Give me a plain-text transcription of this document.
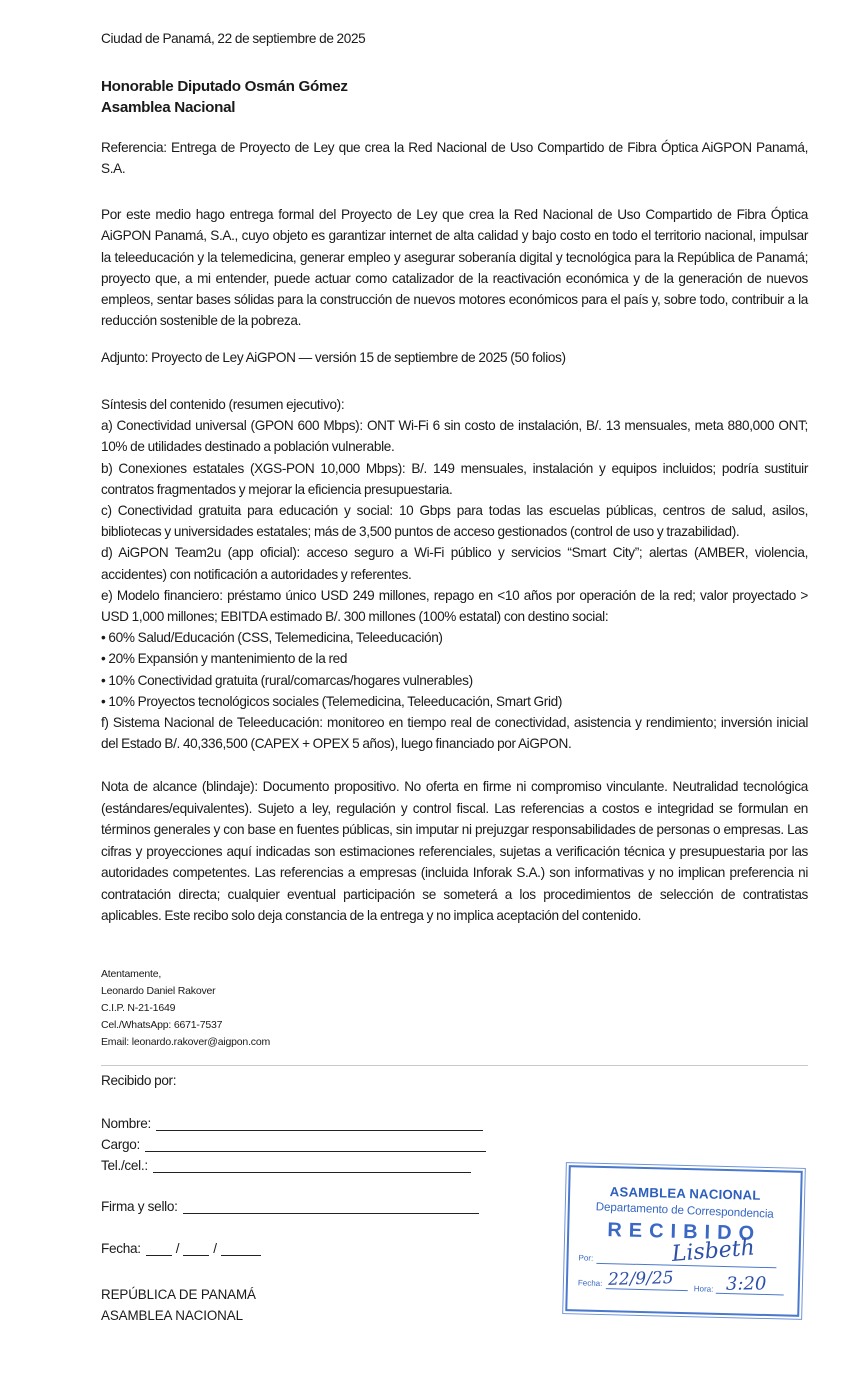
Ciudad de Panamá, 22 de septiembre de 2025
Honorable Diputado Osmán Gómez
Asamblea Nacional
Referencia: Entrega de Proyecto de Ley que crea la Red Nacional de Uso Compartido de Fibra Óptica AiGPON Panamá, S.A.
Por este medio hago entrega formal del Proyecto de Ley que crea la Red Nacional de Uso Compartido de Fibra Óptica AiGPON Panamá, S.A., cuyo objeto es garantizar internet de alta calidad y bajo costo en todo el territorio nacional, impulsar la teleeducación y la telemedicina, generar empleo y asegurar soberanía digital y tecnológica para la República de Panamá; proyecto que, a mi entender, puede actuar como catalizador de la reactivación económica y de la generación de nuevos empleos, sentar bases sólidas para la construcción de nuevos motores económicos para el país y, sobre todo, contribuir a la reducción sostenible de la pobreza.
Adjunto: Proyecto de Ley AiGPON — versión 15 de septiembre de 2025 (50 folios)
Síntesis del contenido (resumen ejecutivo):
a) Conectividad universal (GPON 600 Mbps): ONT Wi-Fi 6 sin costo de instalación, B/. 13 mensuales, meta 880,000 ONT; 10% de utilidades destinado a población vulnerable.
b) Conexiones estatales (XGS-PON 10,000 Mbps): B/. 149 mensuales, instalación y equipos incluidos; podría sustituir contratos fragmentados y mejorar la eficiencia presupuestaria.
c) Conectividad gratuita para educación y social: 10 Gbps para todas las escuelas públicas, centros de salud, asilos, bibliotecas y universidades estatales; más de 3,500 puntos de acceso gestionados (control de uso y trazabilidad).
d) AiGPON Team2u (app oficial): acceso seguro a Wi-Fi público y servicios “Smart City”; alertas (AMBER, violencia, accidentes) con notificación a autoridades y referentes.
e) Modelo financiero: préstamo único USD 249 millones, repago en <10 años por operación de la red; valor proyectado > USD 1,000 millones; EBITDA estimado B/. 300 millones (100% estatal) con destino social:
• 60% Salud/Educación (CSS, Telemedicina, Teleeducación)
• 20% Expansión y mantenimiento de la red
• 10% Conectividad gratuita (rural/comarcas/hogares vulnerables)
• 10% Proyectos tecnológicos sociales (Telemedicina, Teleeducación, Smart Grid)
f) Sistema Nacional de Teleeducación: monitoreo en tiempo real de conectividad, asistencia y rendimiento; inversión inicial del Estado B/. 40,336,500 (CAPEX + OPEX 5 años), luego financiado por AiGPON.
Nota de alcance (blindaje): Documento propositivo. No oferta en firme ni compromiso vinculante. Neutralidad tecnológica (estándares/equivalentes). Sujeto a ley, regulación y control fiscal. Las referencias a costos e integridad se formulan en términos generales y con base en fuentes públicas, sin imputar ni prejuzgar responsabilidades de personas o empresas. Las cifras y proyecciones aquí indicadas son estimaciones referenciales, sujetas a verificación técnica y presupuestaria por las autoridades competentes. Las referencias a empresas (incluida Inforak S.A.) son informativas y no implican preferencia ni contratación directa; cualquier eventual participación se someterá a los procedimientos de selección de contratistas aplicables. Este recibo solo deja constancia de la entrega y no implica aceptación del contenido.
Atentamente,
Leonardo Daniel Rakover
C.I.P. N-21-1649
Cel./WhatsApp: 6671-7537
Email: leonardo.rakover@aigpon.com
Recibido por:
Nombre:
Cargo:
Tel./cel.:
Firma y sello:
Fecha:	/	/
REPÚBLICA DE PANAMÁ
ASAMBLEA NACIONAL
ASAMBLEA NACIONAL
Departamento de Correspondencia
RECIBIDO
Por:	Lisbeth
Fecha: 22/9/25 Hora: 3:20
